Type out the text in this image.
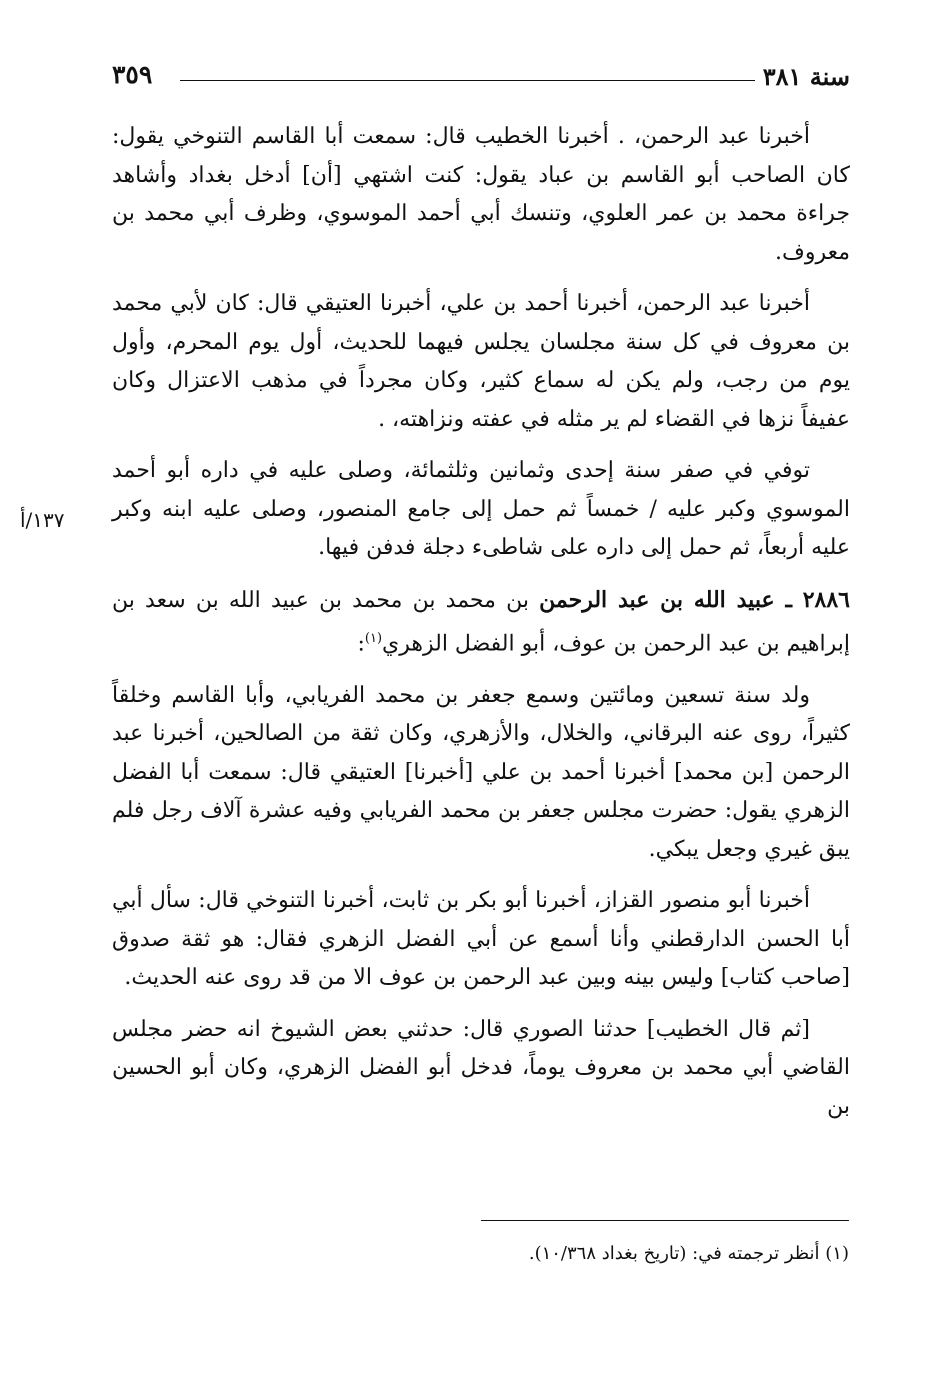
سنة ٣٨١
٣٥٩
١٣٧/أ

أخبرنا عبد الرحمن، . أخبرنا الخطيب قال: سمعت أبا القاسم التنوخي يقول: كان الصاحب أبو القاسم بن عباد يقول: كنت اشتهي [أن] أدخل بغداد وأشاهد جراءة محمد بن عمر العلوي، وتنسك أبي أحمد الموسوي، وظرف أبي محمد بن معروف.

أخبرنا عبد الرحمن، أخبرنا أحمد بن علي، أخبرنا العتيقي قال: كان لأبي محمد بن معروف في كل سنة مجلسان يجلس فيهما للحديث، أول يوم المحرم، وأول يوم من رجب، ولم يكن له سماع كثير، وكان مجرداً في مذهب الاعتزال وكان عفيفاً نزها في القضاء لم ير مثله في عفته ونزاهته، .

توفي في صفر سنة إحدى وثمانين وثلثمائة، وصلى عليه في داره أبو أحمد الموسوي وكبر عليه / خمساً ثم حمل إلى جامع المنصور، وصلى عليه ابنه وكبر عليه أربعاً، ثم حمل إلى داره على شاطىء دجلة فدفن فيها.

٢٨٨٦ ـ عبيد الله بن عبد الرحمن بن محمد بن محمد بن عبيد الله بن سعد بن إبراهيم بن عبد الرحمن بن عوف، أبو الفضل الزهري$^{(١)}$:

ولد سنة تسعين ومائتين وسمع جعفر بن محمد الفريابي، وأبا القاسم وخلقاً كثيراً، روى عنه البرقاني، والخلال، والأزهري، وكان ثقة من الصالحين، أخبرنا عبد الرحمن [بن محمد] أخبرنا أحمد بن علي [أخبرنا] العتيقي قال: سمعت أبا الفضل الزهري يقول: حضرت مجلس جعفر بن محمد الفريابي وفيه عشرة آلاف رجل فلم يبق غيري وجعل يبكي.

أخبرنا أبو منصور القزاز، أخبرنا أبو بكر بن ثابت، أخبرنا التنوخي قال: سأل أبي أبا الحسن الدارقطني وأنا أسمع عن أبي الفضل الزهري فقال: هو ثقة صدوق [صاحب كتاب] وليس بينه وبين عبد الرحمن بن عوف الا من قد روى عنه الحديث.

[ثم قال الخطيب] حدثنا الصوري قال: حدثني بعض الشيوخ انه حضر مجلس القاضي أبي محمد بن معروف يوماً، فدخل أبو الفضل الزهري، وكان أبو الحسين بن

(١) أنظر ترجمته في: (تاريخ بغداد ١٠/٣٦٨).
